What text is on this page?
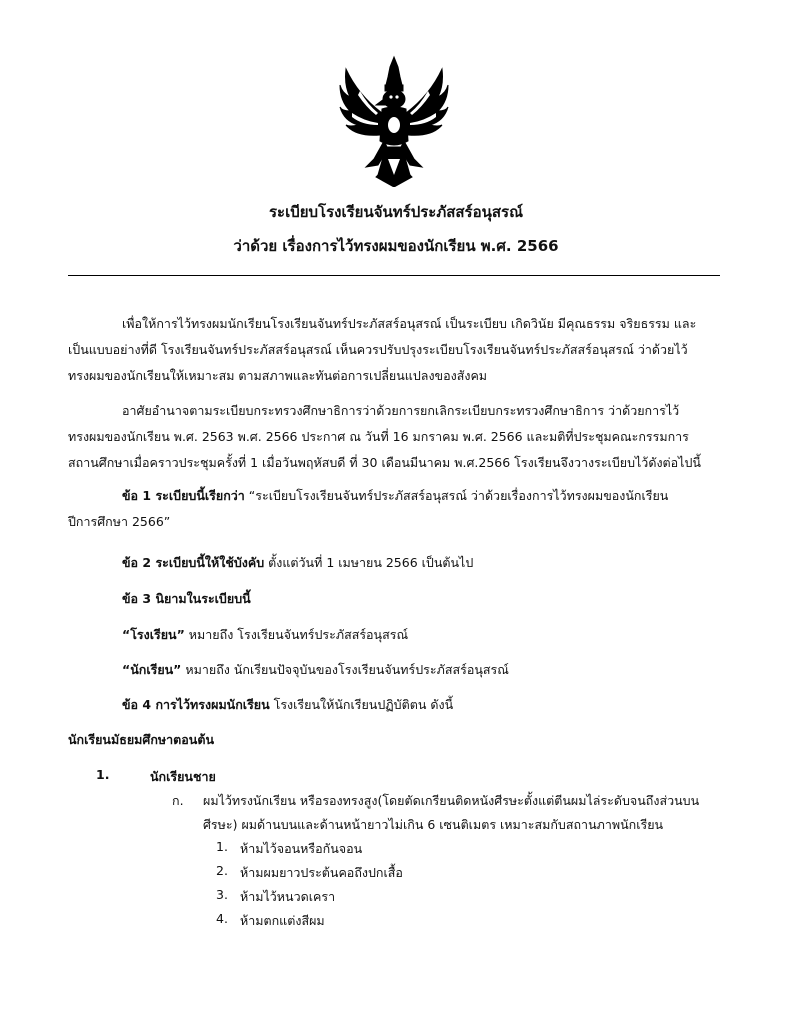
ระเบียบโรงเรียนจันทร์ประภัสสร์อนุสรณ์
ว่าด้วย เรื่องการไว้ทรงผมของนักเรียน พ.ศ. 2566
เพื่อให้การไว้ทรงผมนักเรียนโรงเรียนจันทร์ประภัสสร์อนุสรณ์ เป็นระเบียบ เกิดวินัย มีคุณธรรม จริยธรรม และ
เป็นแบบอย่างที่ดี โรงเรียนจันทร์ประภัสสร์อนุสรณ์ เห็นควรปรับปรุงระเบียบโรงเรียนจันทร์ประภัสสร์อนุสรณ์ ว่าด้วยไว้
ทรงผมของนักเรียนให้เหมาะสม ตามสภาพและทันต่อการเปลี่ยนแปลงของสังคม
อาศัยอำนาจตามระเบียบกระทรวงศึกษาธิการว่าด้วยการยกเลิกระเบียบกระทรวงศึกษาธิการ ว่าด้วยการไว้
ทรงผมของนักเรียน พ.ศ. 2563 พ.ศ. 2566 ประกาศ ณ วันที่ 16 มกราคม พ.ศ. 2566 และมติที่ประชุมคณะกรรมการ
สถานศึกษาเมื่อคราวประชุมครั้งที่ 1 เมื่อวันพฤหัสบดี ที่ 30 เดือนมีนาคม พ.ศ.2566 โรงเรียนจึงวางระเบียบไว้ดังต่อไปนี้
ข้อ 1 ระเบียบนี้เรียกว่า “ระเบียบโรงเรียนจันทร์ประภัสสร์อนุสรณ์ ว่าด้วยเรื่องการไว้ทรงผมของนักเรียน
ปีการศึกษา 2566”
ข้อ 2 ระเบียบนี้ให้ใช้บังคับ ตั้งแต่วันที่ 1 เมษายน 2566 เป็นต้นไป
ข้อ 3 นิยามในระเบียบนี้
“โรงเรียน” หมายถึง โรงเรียนจันทร์ประภัสสร์อนุสรณ์
“นักเรียน” หมายถึง นักเรียนปัจจุบันของโรงเรียนจันทร์ประภัสสร์อนุสรณ์
ข้อ 4 การไว้ทรงผมนักเรียน โรงเรียนให้นักเรียนปฏิบัติตน ดังนี้
นักเรียนมัธยมศึกษาตอนต้น
1.	นักเรียนชาย
ก. ผมไว้ทรงนักเรียน หรือรองทรงสูง(โดยตัดเกรียนติดหนังศีรษะตั้งแต่ตีนผมไล่ระดับจนถึงส่วนบน
ศีรษะ) ผมด้านบนและด้านหน้ายาวไม่เกิน 6 เซนติเมตร เหมาะสมกับสถานภาพนักเรียน
1. ห้ามไว้จอนหรือกันจอน
2. ห้ามผมยาวประต้นคอถึงปกเสื้อ
3. ห้ามไว้หนวดเครา
4. ห้ามตกแต่งสีผม
